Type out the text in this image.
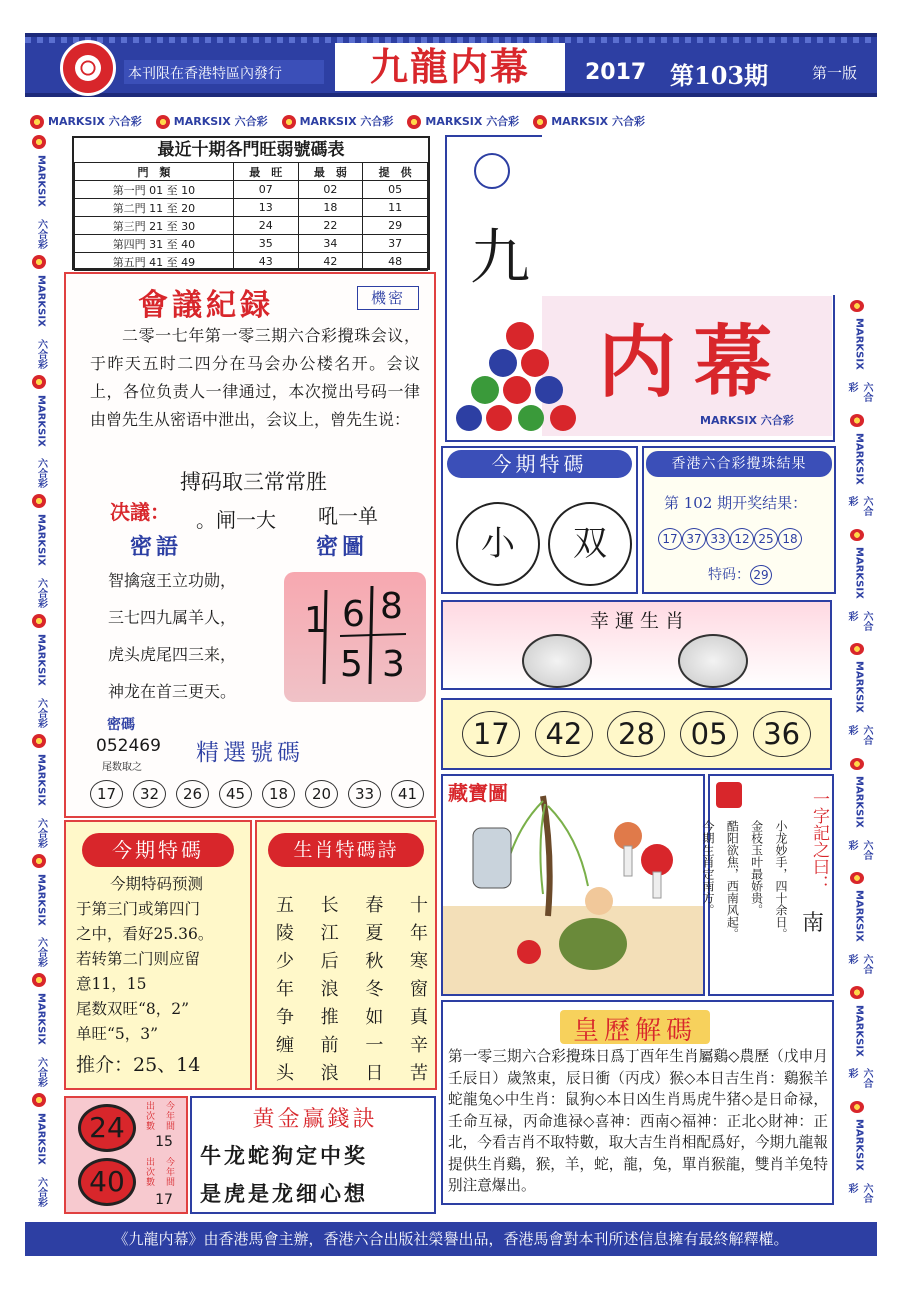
本刊限在香港特區內發行	九龍内幕	2017 第103期	第一版
MARKSIX 六合彩	MARKSIX 六合彩	MARKSIX 六合彩	MARKSIX 六合彩	MARKSIX 六合彩
MARKSIX
六合彩
MARKSIX
六合彩
MARKSIX
六合彩
MARKSIX
六合彩
MARKSIX
六合彩
MARKSIX
六合彩
MARKSIX
六合彩
MARKSIX
六合彩
MARKSIX
六合彩
MARKSIX
六合彩
MARKSIX
六合彩
MARKSIX
六合彩
MARKSIX
六合彩
MARKSIX
六合彩
MARKSIX
六合彩
MARKSIX
六合彩
MARKSIX
六合彩
最近十期各門旺弱號碼表
門　類	最　旺	最　弱	提　供
第一門 01 至 10	07	02	05
第二門 11 至 20	13	18	11
第三門 21 至 30	24	22	29
第四門 31 至 40	35	34	37
第五門 41 至 49	43	42	48
會議紀録	機密
二零一七年第一零三期六合彩攪珠会议，于昨天五时二四分在马会办公楼名开。会议上，各位负责人一律通过，本次搅出号码一律由曾先生从密语中泄出，会议上，曾先生说：
搏码取三常常胜
决議：	。闸一大	吼一单
密語	密圖
智擒寇王立功勋，
三七四九属羊人，
虎头虎尾四三来，
神龙在首三更天。
1 6 8
5 3
密碼
052469
尾数取之
精選號碼
17	32	26	45	18	20	33	41
今期特碼
今期特码预测
于第三门或第四门
之中，看好25.36。
若转第二门则应留
意11，15
尾数双旺“8，2”
单旺“5，3”
推介：25、14
生肖特碼詩
十年寒窗真辛苦
春夏秋冬如一日
长江后浪推前浪
五陵少年争缠头
九
内幕
MARKSIX 六合彩
今期特碼
小	双
香港六合彩攪珠結果
第 102 期开奖结果：
17 37 33 12 25 18
特码： 29
幸運生肖
17	42	28	05	36
藏寶圖
小龙妙手，四十余日。
金枝玉叶最娇贵。
酷阳欲焦，西南风起。
今期生肖定南方。	一字記之曰：
南
皇歷解碼
第一零三期六合彩攪珠日爲丁酉年生肖屬鷄◇農歷（戊申月壬辰日）歲煞東，辰日衝（丙戌）猴◇本日吉生肖：鷄猴羊蛇龍兔◇中生肖：鼠狗◇本日凶生肖馬虎牛猪◇是日命禄，壬命互禄，丙命進禄◇喜神：西南◇福神：正北◇財神：正北，今看吉肖不取特數，取大吉生肖相配爲好，今期九龍報提供生肖鷄，猴，羊，蛇，龍，兔，單肖猴龍，雙肖羊兔特别注意爆出。
24
出次數
今年間
15
40
出次數
今年間
17
黄金赢錢訣
牛龙蛇狗定中奖
是虎是龙细心想
《九龍内幕》由香港馬會主辦，香港六合出版社榮譽出品，香港馬會對本刊所述信息擁有最終解釋權。
